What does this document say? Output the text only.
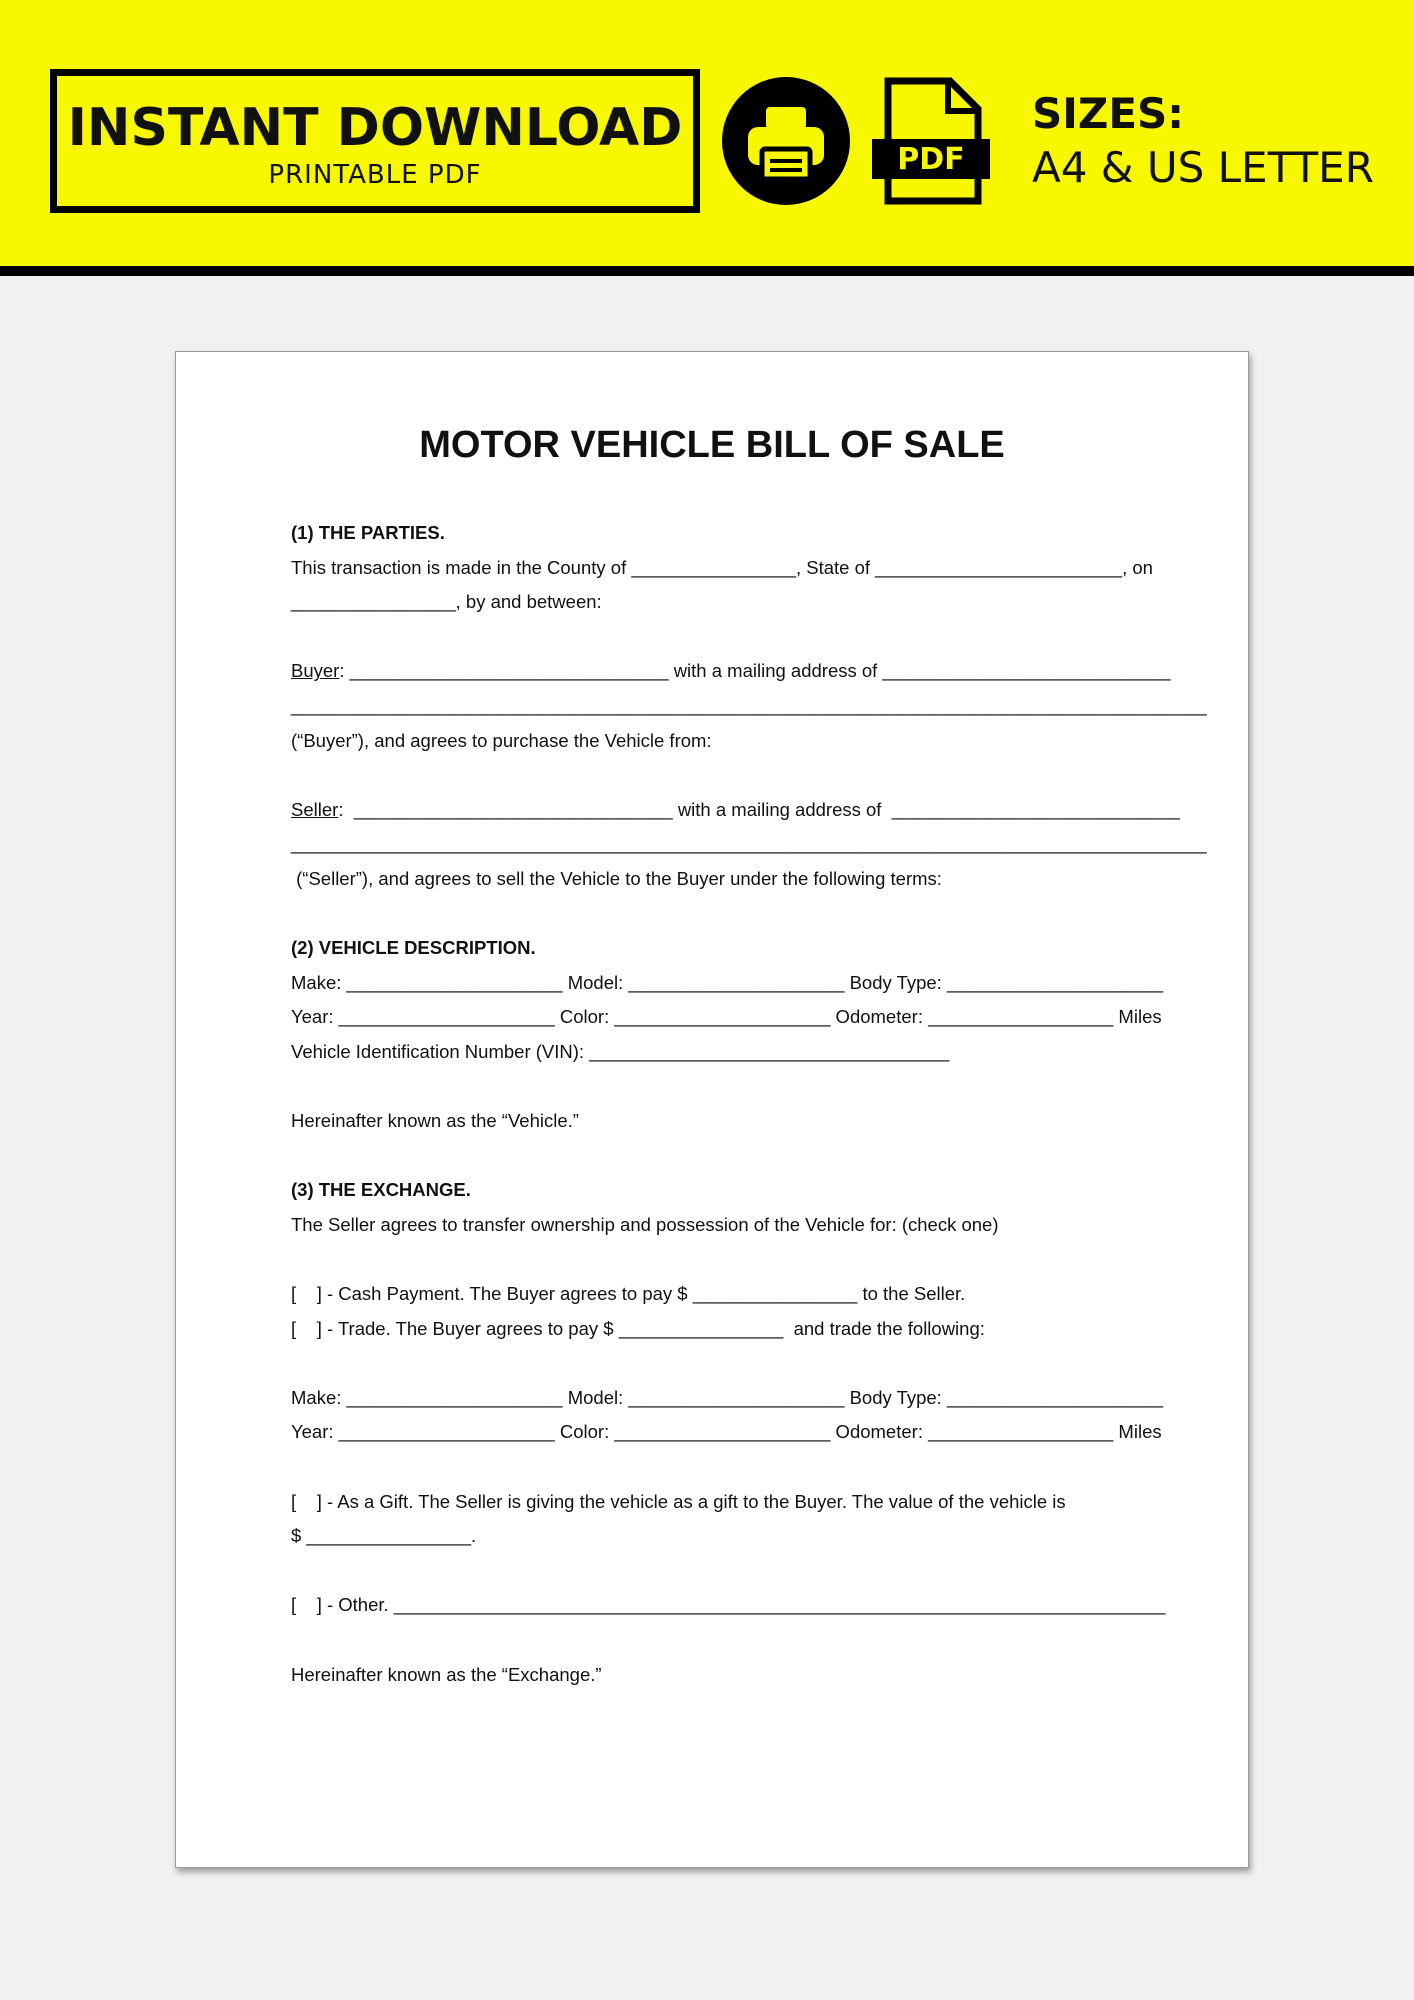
INSTANT DOWNLOAD
PRINTABLE PDF	PDF
SIZES:
A4 & US LETTER
MOTOR VEHICLE BILL OF SALE
(1) THE PARTIES.
This transaction is made in the County of ________________, State of ________________________, on
________________, by and between:
Buyer: _______________________________ with a mailing address of ____________________________
_________________________________________________________________________________________
(“Buyer”), and agrees to purchase the Vehicle from:
Seller:  _______________________________ with a mailing address of  ____________________________
_________________________________________________________________________________________
(“Seller”), and agrees to sell the Vehicle to the Buyer under the following terms:
(2) VEHICLE DESCRIPTION.
Make: _____________________ Model: _____________________ Body Type: _____________________
Year: _____________________ Color: _____________________ Odometer: __________________ Miles
Vehicle Identification Number (VIN): ___________________________________
Hereinafter known as the “Vehicle.”
(3) THE EXCHANGE.
The Seller agrees to transfer ownership and possession of the Vehicle for: (check one)
[    ] - Cash Payment. The Buyer agrees to pay $ ________________ to the Seller.
[    ] - Trade. The Buyer agrees to pay $ ________________  and trade the following:
Make: _____________________ Model: _____________________ Body Type: _____________________
Year: _____________________ Color: _____________________ Odometer: __________________ Miles
[    ] - As a Gift. The Seller is giving the vehicle as a gift to the Buyer. The value of the vehicle is
$ ________________.
[    ] - Other. ___________________________________________________________________________
Hereinafter known as the “Exchange.”
